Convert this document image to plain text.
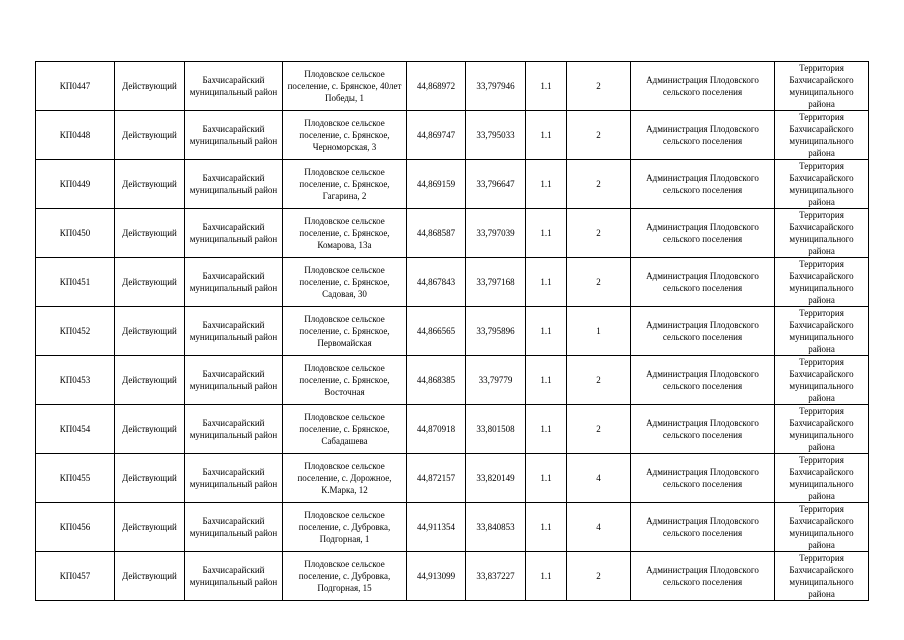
КП0447	Действующий	Бахчисарайский муниципальный район	Плодовское сельское поселение, с. Брянское, 40лет Победы, 1	44,868972	33,797946	1.1	2	Администрация Плодовского сельского поселения	Территория Бахчисарайского муниципального района
КП0448	Действующий	Бахчисарайский муниципальный район	Плодовское сельское поселение, с. Брянское, Черноморская, 3	44,869747	33,795033	1.1	2	Администрация Плодовского сельского поселения	Территория Бахчисарайского муниципального района
КП0449	Действующий	Бахчисарайский муниципальный район	Плодовское сельское поселение, с. Брянское, Гагарина, 2	44,869159	33,796647	1.1	2	Администрация Плодовского сельского поселения	Территория Бахчисарайского муниципального района
КП0450	Действующий	Бахчисарайский муниципальный район	Плодовское сельское поселение, с. Брянское, Комарова, 13а	44,868587	33,797039	1.1	2	Администрация Плодовского сельского поселения	Территория Бахчисарайского муниципального района
КП0451	Действующий	Бахчисарайский муниципальный район	Плодовское сельское поселение, с. Брянское, Садовая, 30	44,867843	33,797168	1.1	2	Администрация Плодовского сельского поселения	Территория Бахчисарайского муниципального района
КП0452	Действующий	Бахчисарайский муниципальный район	Плодовское сельское поселение, с. Брянское, Первомайская	44,866565	33,795896	1.1	1	Администрация Плодовского сельского поселения	Территория Бахчисарайского муниципального района
КП0453	Действующий	Бахчисарайский муниципальный район	Плодовское сельское поселение, с. Брянское, Восточная	44,868385	33,79779	1.1	2	Администрация Плодовского сельского поселения	Территория Бахчисарайского муниципального района
КП0454	Действующий	Бахчисарайский муниципальный район	Плодовское сельское поселение, с. Брянское, Сабадашева	44,870918	33,801508	1.1	2	Администрация Плодовского сельского поселения	Территория Бахчисарайского муниципального района
КП0455	Действующий	Бахчисарайский муниципальный район	Плодовское сельское поселение, с. Дорожное, К.Марка, 12	44,872157	33,820149	1.1	4	Администрация Плодовского сельского поселения	Территория Бахчисарайского муниципального района
КП0456	Действующий	Бахчисарайский муниципальный район	Плодовское сельское поселение, с. Дубровка, Подгорная, 1	44,911354	33,840853	1.1	4	Администрация Плодовского сельского поселения	Территория Бахчисарайского муниципального района
КП0457	Действующий	Бахчисарайский муниципальный район	Плодовское сельское поселение, с. Дубровка, Подгорная, 15	44,913099	33,837227	1.1	2	Администрация Плодовского сельского поселения	Территория Бахчисарайского муниципального района
